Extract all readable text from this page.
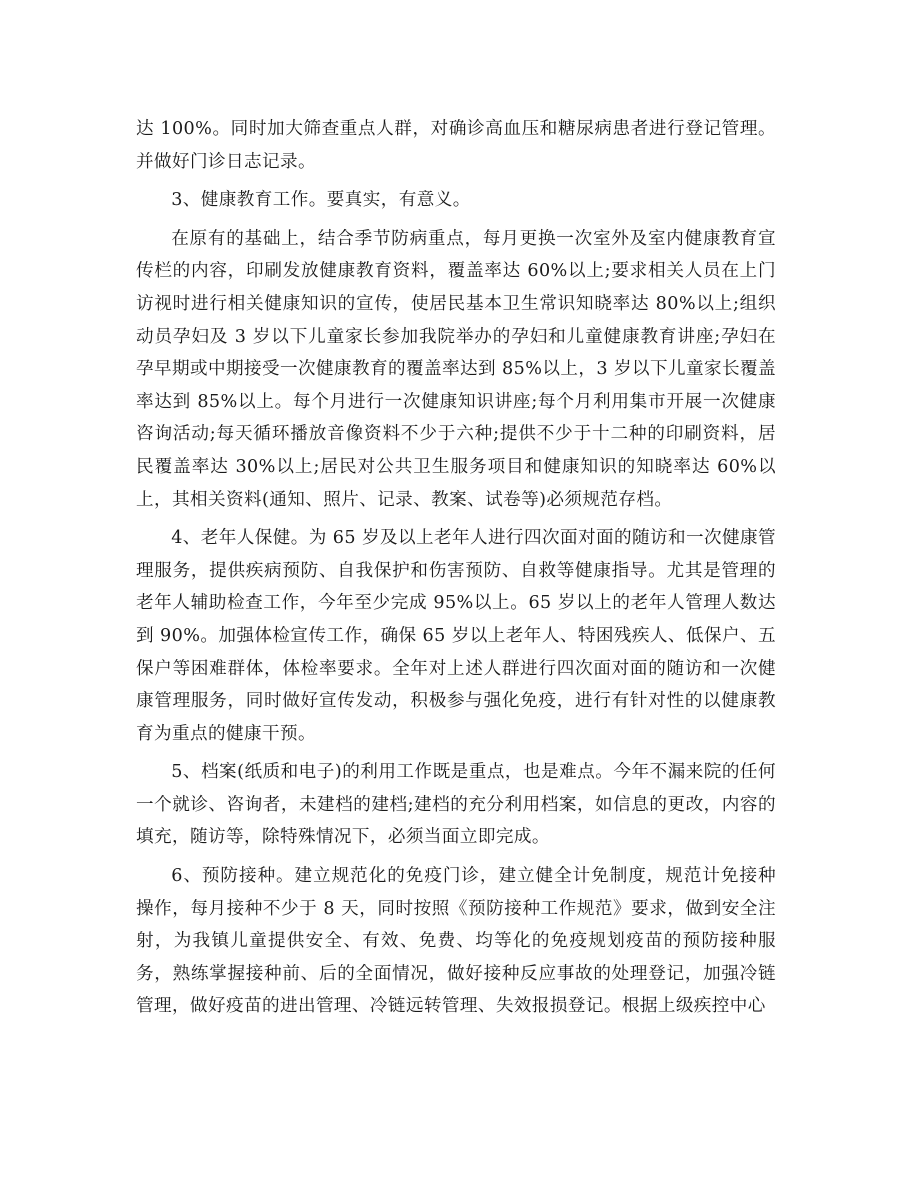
达 100%。同时加大筛查重点人群，对确诊高血压和糖尿病患者进行登记管理。并做好门诊日志记录。

3、健康教育工作。要真实，有意义。

在原有的基础上，结合季节防病重点，每月更换一次室外及室内健康教育宣传栏的内容，印刷发放健康教育资料，覆盖率达 60%以上;要求相关人员在上门访视时进行相关健康知识的宣传，使居民基本卫生常识知晓率达 80%以上;组织动员孕妇及 3 岁以下儿童家长参加我院举办的孕妇和儿童健康教育讲座;孕妇在孕早期或中期接受一次健康教育的覆盖率达到 85%以上，3 岁以下儿童家长覆盖率达到 85%以上。每个月进行一次健康知识讲座;每个月利用集市开展一次健康咨询活动;每天循环播放音像资料不少于六种;提供不少于十二种的印刷资料，居民覆盖率达 30%以上;居民对公共卫生服务项目和健康知识的知晓率达 60%以上，其相关资料(通知、照片、记录、教案、试卷等)必须规范存档。

4、老年人保健。为 65 岁及以上老年人进行四次面对面的随访和一次健康管理服务，提供疾病预防、自我保护和伤害预防、自救等健康指导。尤其是管理的老年人辅助检查工作，今年至少完成 95%以上。65 岁以上的老年人管理人数达到 90%。加强体检宣传工作，确保 65 岁以上老年人、特困残疾人、低保户、五保户等困难群体，体检率要求。全年对上述人群进行四次面对面的随访和一次健康管理服务，同时做好宣传发动，积极参与强化免疫，进行有针对性的以健康教育为重点的健康干预。

5、档案(纸质和电子)的利用工作既是重点，也是难点。今年不漏来院的任何一个就诊、咨询者，未建档的建档;建档的充分利用档案，如信息的更改，内容的填充，随访等，除特殊情况下，必须当面立即完成。

6、预防接种。建立规范化的免疫门诊，建立健全计免制度，规范计免接种操作，每月接种不少于 8 天，同时按照《预防接种工作规范》要求，做到安全注射，为我镇儿童提供安全、有效、免费、均等化的免疫规划疫苗的预防接种服务，熟练掌握接种前、后的全面情况，做好接种反应事故的处理登记，加强冷链管理，做好疫苗的进出管理、冷链远转管理、失效报损登记。根据上级疾控中心
